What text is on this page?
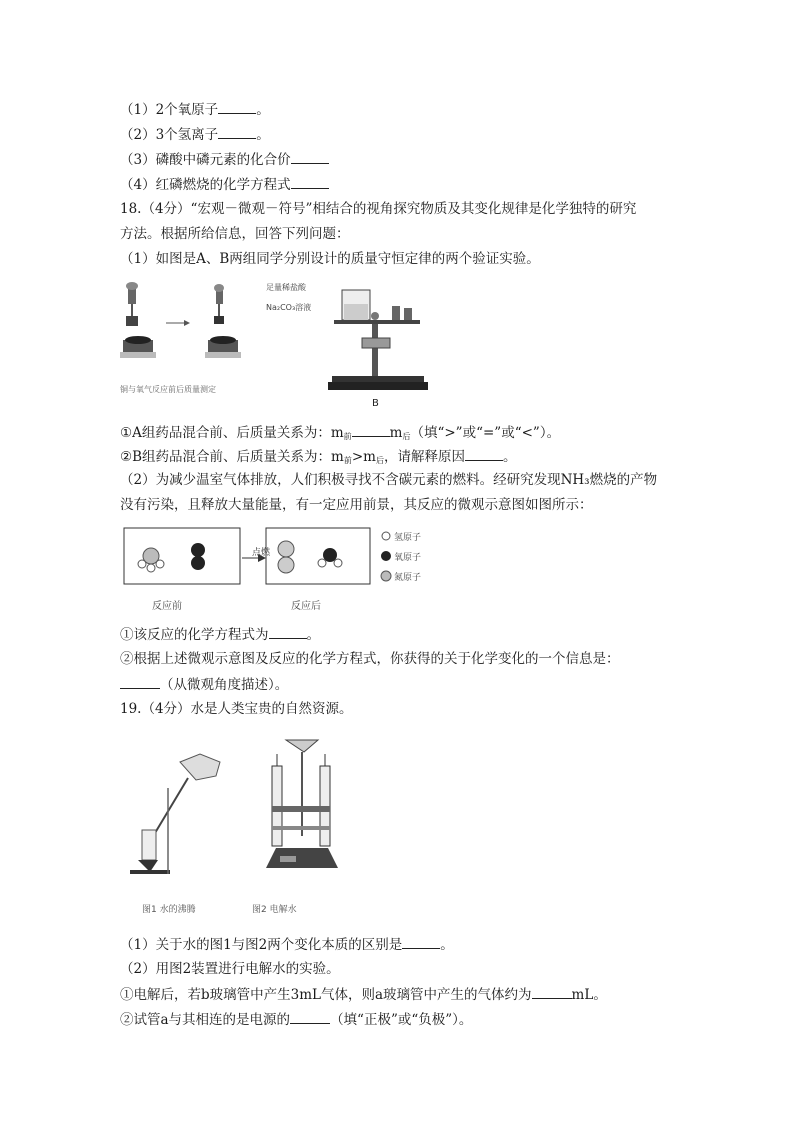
（1）2个氧原子	。
（2）3个氢离子	。
（3）磷酸中磷元素的化合价
（4）红磷燃烧的化学方程式
18.（4分）“宏观－微观－符号”相结合的视角探究物质及其变化规律是化学独特的研究
方法。根据所给信息，回答下列问题：
（1）如图是A、B两组同学分别设计的质量守恒定律的两个验证实验。
铜与氧气反应前后质量测定
足量稀盐酸
Na₂CO₃溶液
B
①A组药品混合前、后质量关系为：$m_前$	$m_后$（填“>”或“=”或“<”）。
②B组药品混合前、后质量关系为：$m_前>m_后$，请解释原因	。
（2）为减少温室气体排放，人们积极寻找不含碳元素的燃料。经研究发现NH₃燃烧的产物
没有污染，且释放大量能量，有一定应用前景，其反应的微观示意图如图所示：
点燃
氢原子
氧原子
氮原子
反应前	反应后
①该反应的化学方程式为	。
②根据上述微观示意图及反应的化学方程式，你获得的关于化学变化的一个信息是：
（从微观角度描述）。
19.（4分）水是人类宝贵的自然资源。
图1 水的沸腾	图2 电解水
（1）关于水的图1与图2两个变化本质的区别是	。
（2）用图2装置进行电解水的实验。
①电解后，若b玻璃管中产生3mL气体，则a玻璃管中产生的气体约为	mL。
②试管a与其相连的是电源的	（填“正极”或“负极”）。
